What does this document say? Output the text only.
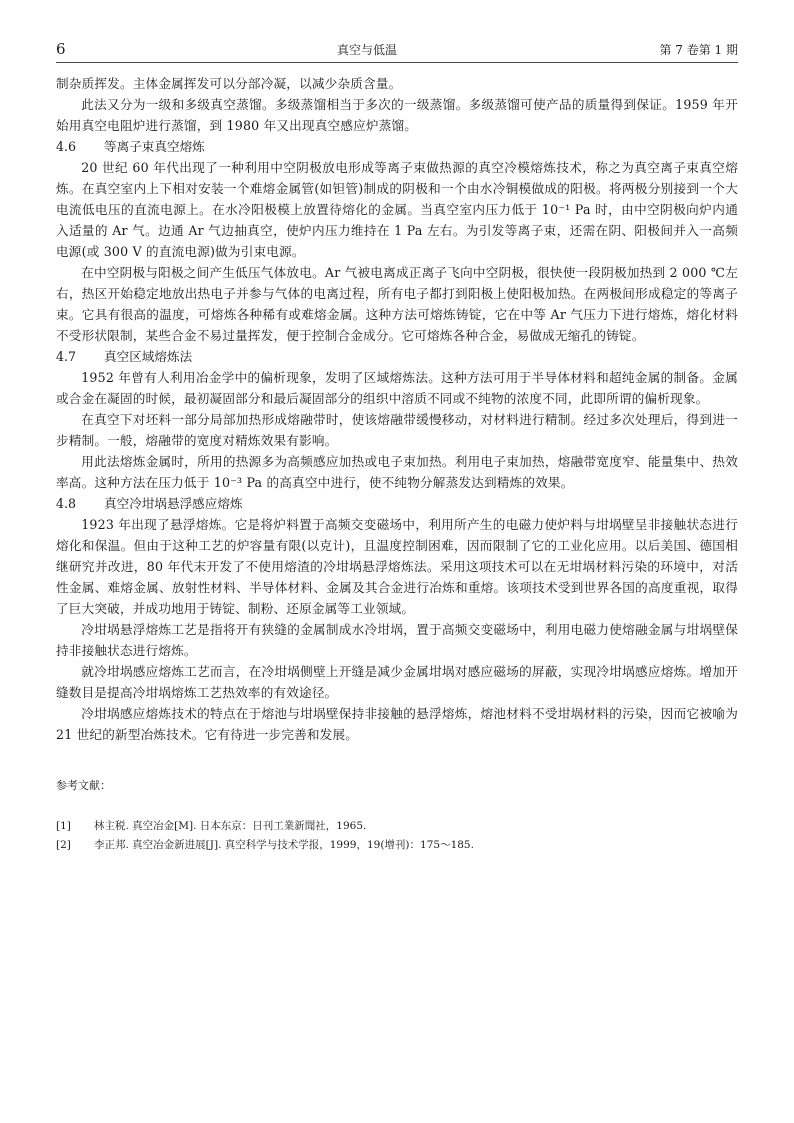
6	真空与低温	第 7 卷第 1 期

制杂质挥发。主体金属挥发可以分部冷凝，以减少杂质含量。

此法又分为一级和多级真空蒸馏。多级蒸馏相当于多次的一级蒸馏。多级蒸馏可使产品的质量得到保证。1959 年开始用真空电阻炉进行蒸馏，到 1980 年又出现真空感应炉蒸馏。

4.6	等离子束真空熔炼

20 世纪 60 年代出现了一种利用中空阴极放电形成等离子束做热源的真空冷模熔炼技术，称之为真空离子束真空熔炼。在真空室内上下相对安装一个难熔金属管(如钽管)制成的阴极和一个由水冷铜模做成的阳极。将两极分别接到一个大电流低电压的直流电源上。在水冷阳极模上放置待熔化的金属。当真空室内压力低于 10⁻¹ Pa 时，由中空阴极向炉内通入适量的 Ar 气。边通 Ar 气边抽真空，使炉内压力维持在 1 Pa 左右。为引发等离子束，还需在阴、阳极间并入一高频电源(或 300 V 的直流电源)做为引束电源。

在中空阴极与阳极之间产生低压气体放电。Ar 气被电离成正离子飞向中空阴极，很快使一段阴极加热到 2 000 ℃左右，热区开始稳定地放出热电子并参与气体的电离过程，所有电子都打到阳极上使阳极加热。在两极间形成稳定的等离子束。它具有很高的温度，可熔炼各种稀有或难熔金属。这种方法可熔炼铸锭，它在中等 Ar 气压力下进行熔炼，熔化材料不受形状限制，某些合金不易过量挥发，便于控制合金成分。它可熔炼各种合金，易做成无缩孔的铸锭。

4.7	真空区域熔炼法

1952 年曾有人利用冶金学中的偏析现象，发明了区域熔炼法。这种方法可用于半导体材料和超纯金属的制备。金属或合金在凝固的时候，最初凝固部分和最后凝固部分的组织中溶质不同或不纯物的浓度不同，此即所谓的偏析现象。

在真空下对坯料一部分局部加热形成熔融带时，使该熔融带缓慢移动，对材料进行精制。经过多次处理后，得到进一步精制。一般，熔融带的宽度对精炼效果有影响。

用此法熔炼金属时，所用的热源多为高频感应加热或电子束加热。利用电子束加热，熔融带宽度窄、能量集中、热效率高。这种方法在压力低于 10⁻³ Pa 的高真空中进行，使不纯物分解蒸发达到精炼的效果。

4.8	真空冷坩埚悬浮感应熔炼

1923 年出现了悬浮熔炼。它是将炉料置于高频交变磁场中，利用所产生的电磁力使炉料与坩埚壁呈非接触状态进行熔化和保温。但由于这种工艺的炉容量有限(以克计)，且温度控制困难，因而限制了它的工业化应用。以后美国、德国相继研究并改进，80 年代末开发了不使用熔渣的冷坩埚悬浮熔炼法。采用这项技术可以在无坩埚材料污染的环境中，对活性金属、难熔金属、放射性材料、半导体材料、金属及其合金进行冶炼和重熔。该项技术受到世界各国的高度重视，取得了巨大突破，并成功地用于铸锭、制粉、还原金属等工业领域。

冷坩埚悬浮熔炼工艺是指将开有狭缝的金属制成水冷坩埚，置于高频交变磁场中，利用电磁力使熔融金属与坩埚壁保持非接触状态进行熔炼。

就冷坩埚感应熔炼工艺而言，在冷坩埚侧壁上开缝是减少金属坩埚对感应磁场的屏蔽，实现冷坩埚感应熔炼。增加开缝数目是提高冷坩埚熔炼工艺热效率的有效途径。

冷坩埚感应熔炼技术的特点在于熔池与坩埚壁保持非接触的悬浮熔炼，熔池材料不受坩埚材料的污染，因而它被喻为 21 世纪的新型冶炼技术。它有待进一步完善和发展。

参考文献：
[1]	林主税. 真空冶金[M]. 日本东京：日刊工業新聞社，1965.
[2]	李正邦. 真空冶金新进展[J]. 真空科学与技术学报，1999，19(增刊)：175～185.
